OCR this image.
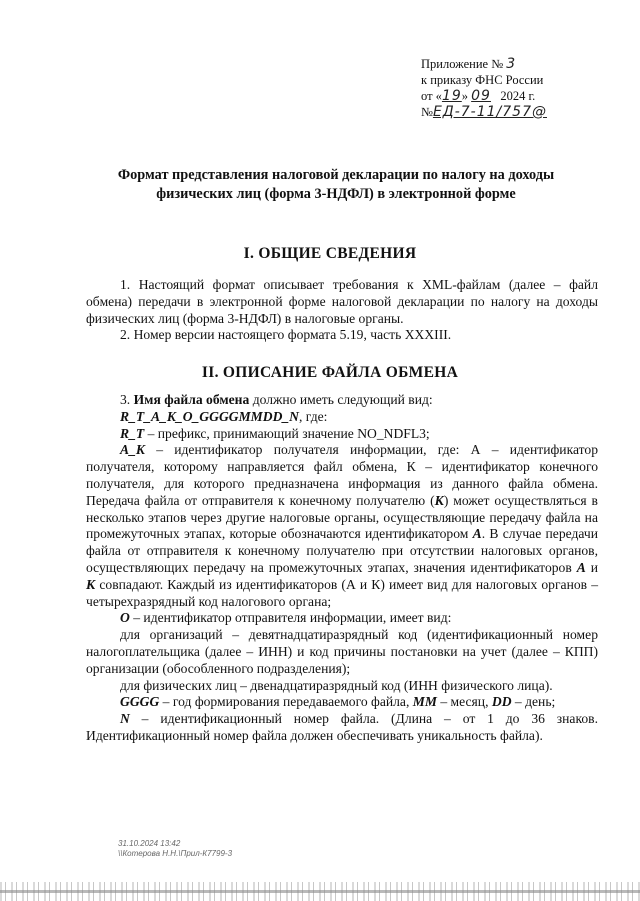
Приложение № 3
к приказу ФНС России
от «19» 09 2024 г.
№ЕД-7-11/757@
Формат представления налоговой декларации по налогу на доходы
физических лиц (форма 3-НДФЛ) в электронной форме
I. ОБЩИЕ СВЕДЕНИЯ

1. Настоящий формат описывает требования к XML-файлам (далее – файл обмена) передачи в электронной форме налоговой декларации по налогу на доходы физических лиц (форма 3-НДФЛ) в налоговые органы.

2. Номер версии настоящего формата 5.19, часть XXXIII.

II. ОПИСАНИЕ ФАЙЛА ОБМЕНА

3. Имя файла обмена должно иметь следующий вид:

R_T_A_K_O_GGGGMMDD_N, где:

R_T – префикс, принимающий значение NO_NDFL3;

A_K – идентификатор получателя информации, где: А – идентификатор получателя, которому направляется файл обмена, К – идентификатор конечного получателя, для которого предназначена информация из данного файла обмена. Передача файла от отправителя к конечному получателю (К) может осуществляться в несколько этапов через другие налоговые органы, осуществляющие передачу файла на промежуточных этапах, которые обозначаются идентификатором А. В случае передачи файла от отправителя к конечному получателю при отсутствии налоговых органов, осуществляющих передачу на промежуточных этапах, значения идентификаторов А и К совпадают. Каждый из идентификаторов (А и К) имеет вид для налоговых органов – четырехразрядный код налогового органа;

O – идентификатор отправителя информации, имеет вид:

для организаций – девятнадцатиразрядный код (идентификационный номер налогоплательщика (далее – ИНН) и код причины постановки на учет (далее – КПП) организации (обособленного подразделения);

для физических лиц – двенадцатиразрядный код (ИНН физического лица).

GGGG – год формирования передаваемого файла, MM – месяц, DD – день;

N – идентификационный номер файла. (Длина – от 1 до 36 знаков. Идентификационный номер файла должен обеспечивать уникальность файла).

31.10.2024 13:42
\\Котерова Н.Н.\Прил-К7799-3
